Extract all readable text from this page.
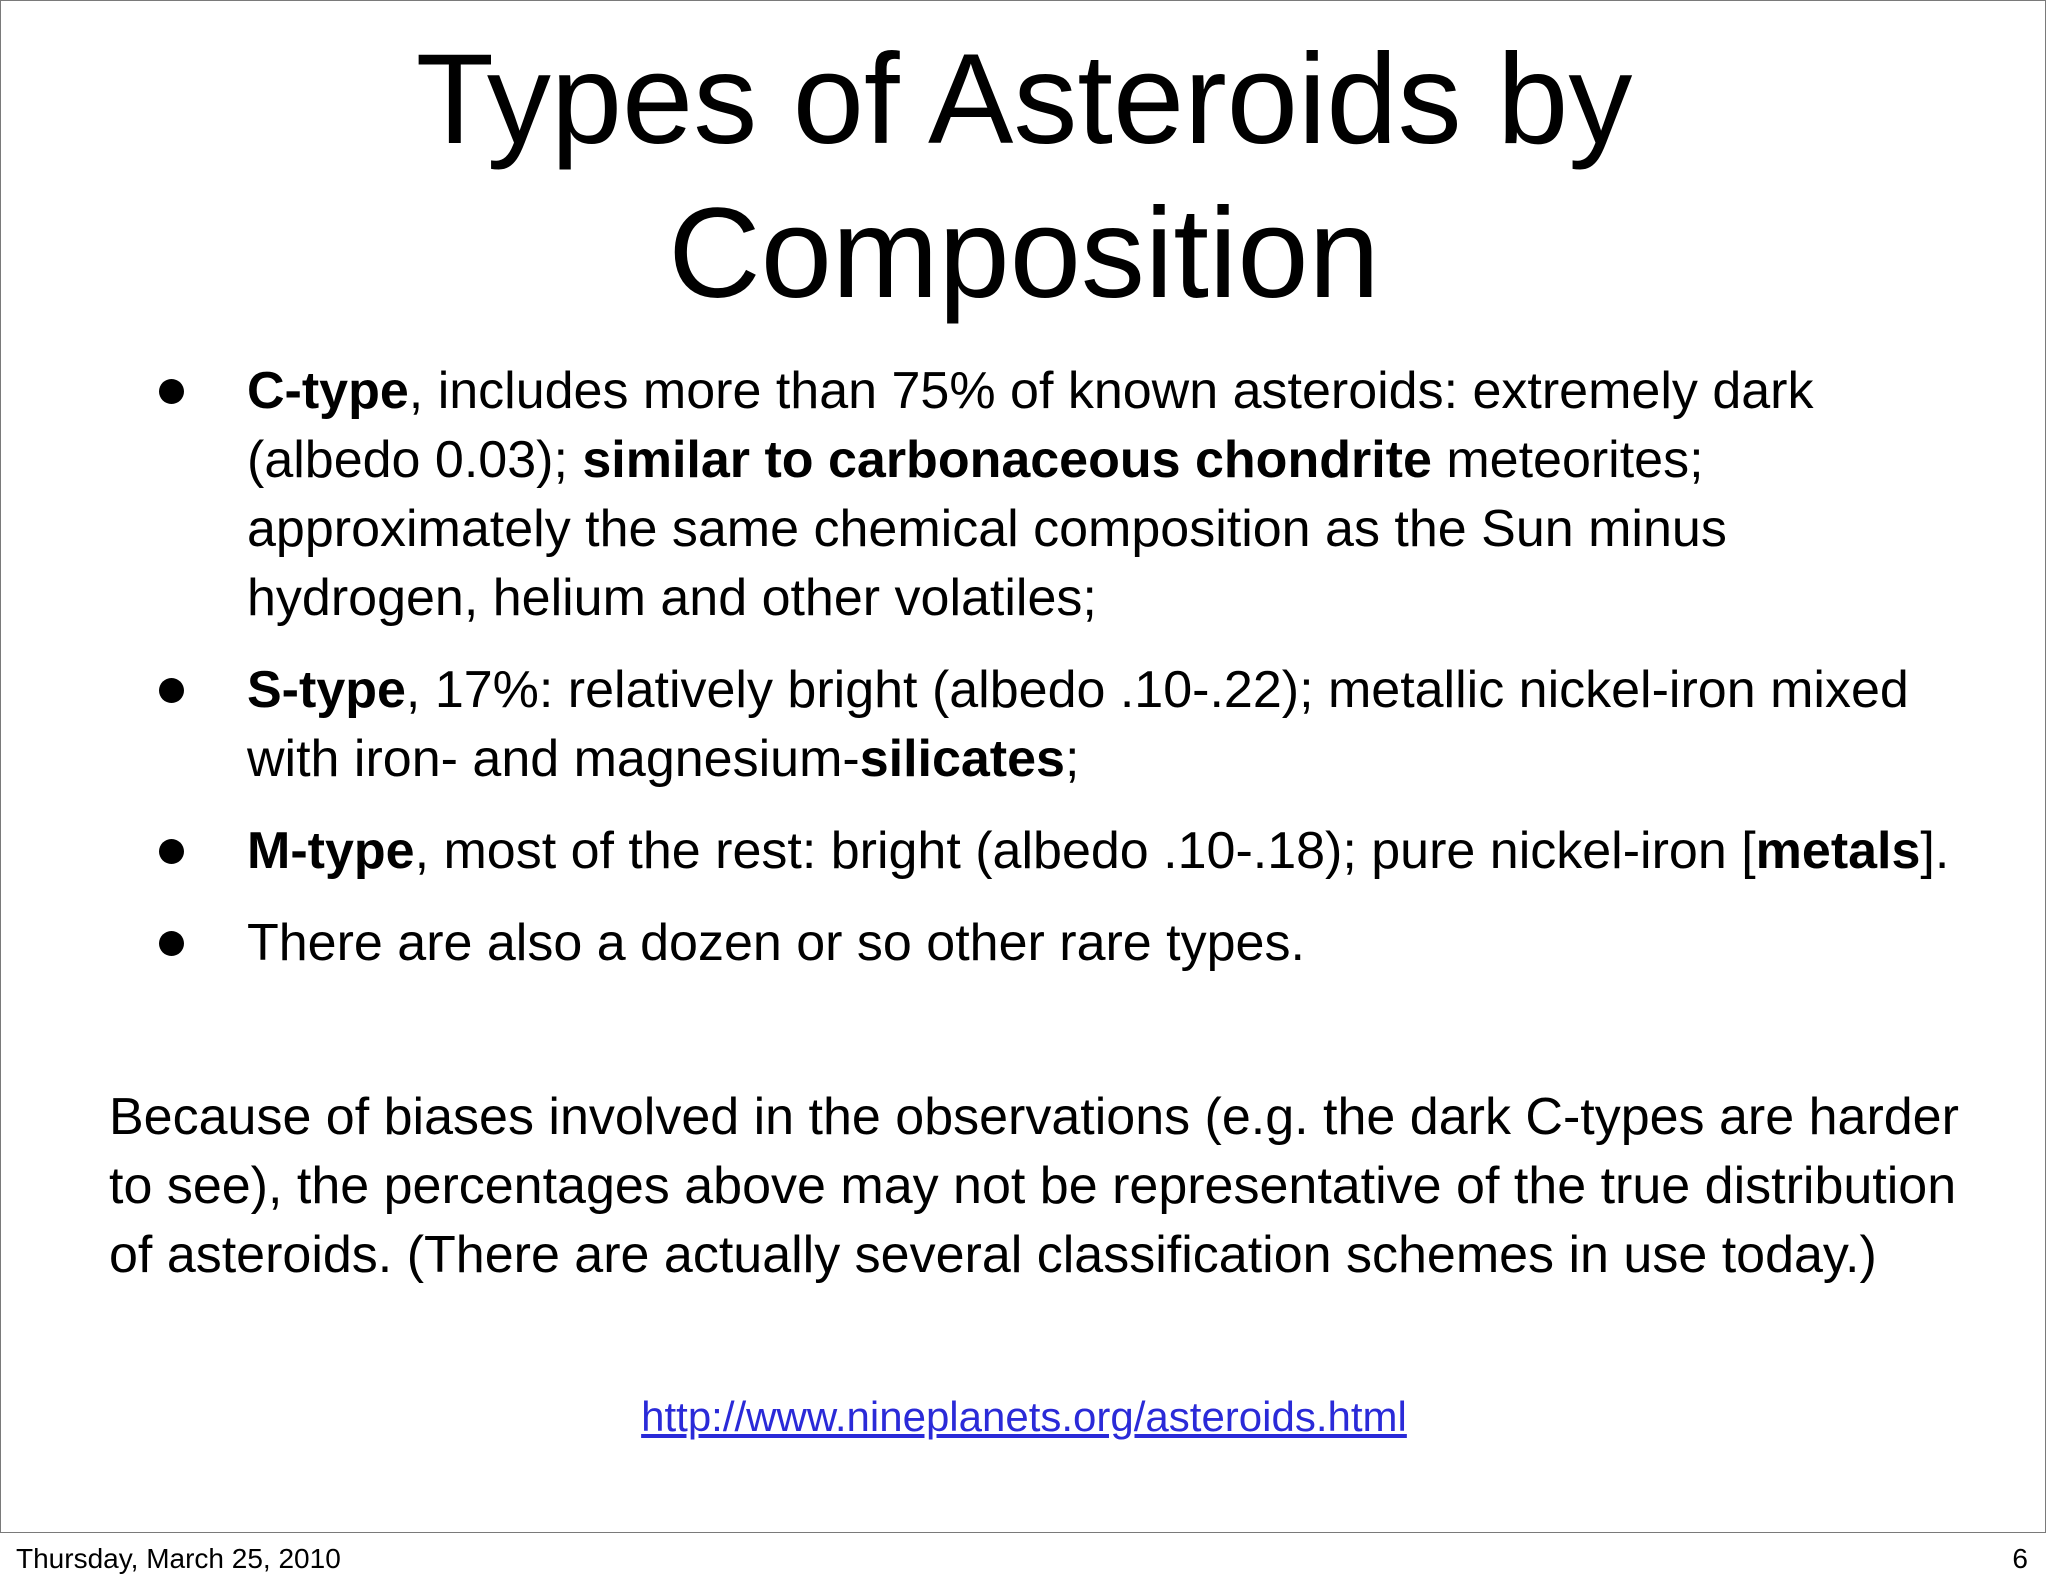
Types of Asteroids by
Composition
C-type, includes more than 75% of known asteroids: extremely dark (albedo 0.03); similar to carbonaceous chondrite meteorites; approximately the same chemical composition as the Sun minus hydrogen, helium and other volatiles;
S-type, 17%: relatively bright (albedo .10-.22); metallic nickel-iron mixed with iron- and magnesium-silicates;
M-type, most of the rest: bright (albedo .10-.18); pure nickel-iron [metals].
There are also a dozen or so other rare types.

Because of biases involved in the observations (e.g. the dark C-types are harder to see), the percentages above may not be representative of the true distribution of asteroids. (There are actually several classification schemes in use today.)

http://www.nineplanets.org/asteroids.html
Thursday, March 25, 2010	6
